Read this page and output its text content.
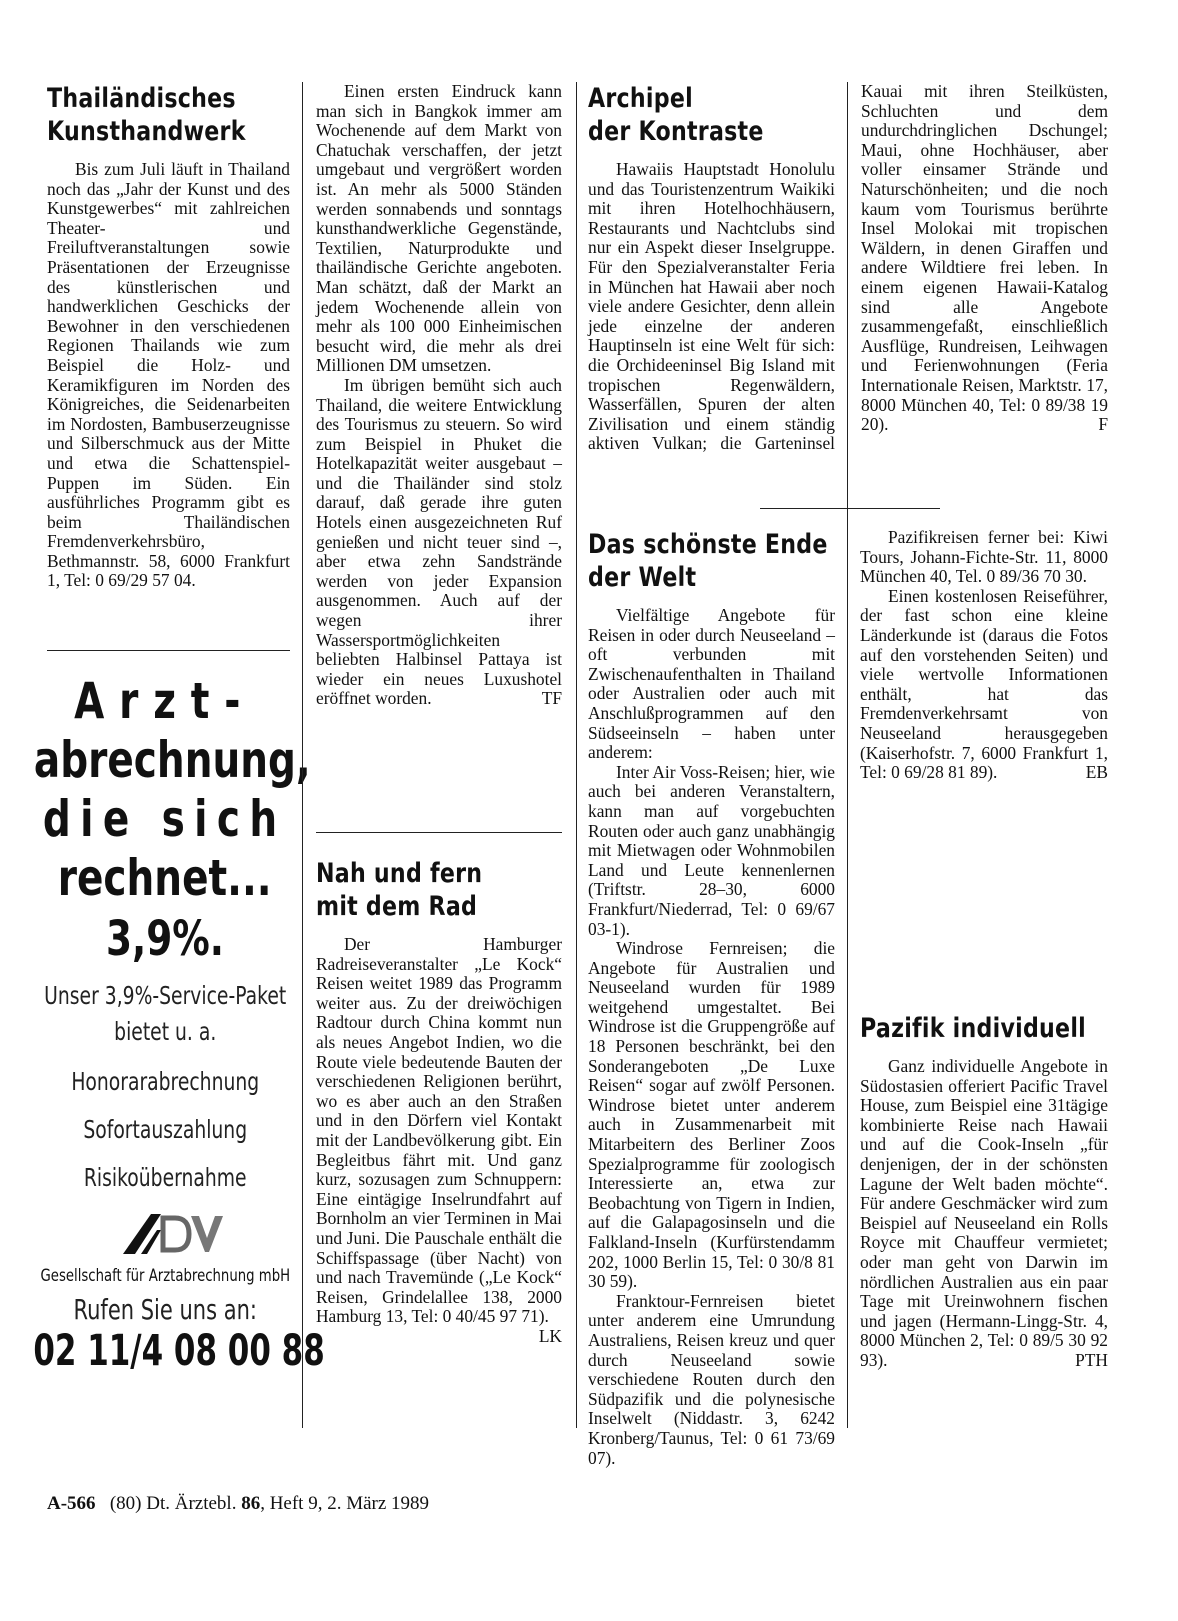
Thailändisches
Kunsthandwerk

Bis zum Juli läuft in Thailand noch das „Jahr der Kunst und des Kunstgewerbes“ mit zahlreichen Theater- und Freiluftveranstaltungen sowie Präsentationen der Erzeugnisse des künstlerischen und handwerklichen Geschicks der Bewohner in den verschiedenen Regionen Thailands wie zum Beispiel die Holz- und Keramikfiguren im Norden des Königreiches, die Seidenarbeiten im Nordosten, Bambuserzeugnisse und Silberschmuck aus der Mitte und etwa die Schattenspiel-Puppen im Süden. Ein ausführliches Programm gibt es beim Thailändischen Fremdenverkehrsbüro, Bethmannstr. 58, 6000 Frankfurt 1, Tel: 0 69/29 57 04.

Arzt-
abrechnung,
die sich
rechnet...
3,9%.
Unser 3,9%-Service-Paket
bietet u. a.
Honorarabrechnung
Sofortauszahlung
Risikoübernahme
Gesellschaft für Arztabrechnung mbH
Rufen Sie uns an:
02 11/4 08 00 88

Einen ersten Eindruck kann man sich in Bangkok immer am Wochenende auf dem Markt von Chatuchak verschaffen, der jetzt umgebaut und vergrößert worden ist. An mehr als 5000 Ständen werden sonnabends und sonntags kunsthandwerkliche Gegenstände, Textilien, Naturprodukte und thailändische Gerichte angeboten. Man schätzt, daß der Markt an jedem Wochenende allein von mehr als 100 000 Einheimischen besucht wird, die mehr als drei Millionen DM umsetzen.

Im übrigen bemüht sich auch Thailand, die weitere Entwicklung des Tourismus zu steuern. So wird zum Beispiel in Phuket die Hotelkapazität weiter ausgebaut – und die Thailänder sind stolz darauf, daß gerade ihre guten Hotels einen ausgezeichneten Ruf genießen und nicht teuer sind –, aber etwa zehn Sandstrände werden von jeder Expansion ausgenommen. Auch auf der wegen ihrer Wassersportmöglichkeiten beliebten Halbinsel Pattaya ist wieder ein neues Luxushotel eröffnet worden.	TF

Nah und fern
mit dem Rad

Der Hamburger Radreiseveranstalter „Le Kock“ Reisen weitet 1989 das Programm weiter aus. Zu der dreiwöchigen Radtour durch China kommt nun als neues Angebot Indien, wo die Route viele bedeutende Bauten der verschiedenen Religionen berührt, wo es aber auch an den Straßen und in den Dörfern viel Kontakt mit der Landbevölkerung gibt. Ein Begleitbus fährt mit. Und ganz kurz, sozusagen zum Schnuppern: Eine eintägige Inselrundfahrt auf Bornholm an vier Terminen in Mai und Juni. Die Pauschale enthält die Schiffspassage (über Nacht) von und nach Travemünde („Le Kock“ Reisen, Grindelallee 138, 2000 Hamburg 13, Tel: 0 40/45 97 71).
LK

Archipel
der Kontraste

Hawaiis Hauptstadt Honolulu und das Touristenzentrum Waikiki mit ihren Hotelhochhäusern, Restaurants und Nachtclubs sind nur ein Aspekt dieser Inselgruppe. Für den Spezialveranstalter Feria in München hat Hawaii aber noch viele andere Gesichter, denn allein jede einzelne der anderen Hauptinseln ist eine Welt für sich: die Orchideeninsel Big Island mit tropischen Regenwäldern, Wasserfällen, Spuren der alten Zivilisation und einem ständig aktiven Vulkan; die Garteninsel Kauai mit ihren Steilküsten, Schluchten und dem undurchdringlichen Dschungel; Maui, ohne Hochhäuser, aber voller einsamer Strände und Naturschönheiten; und die noch kaum vom Tourismus berührte Insel Molokai mit tropischen Wäldern, in denen Giraffen und andere Wildtiere frei leben. In einem eigenen Hawaii-Katalog sind alle Angebote zusammengefaßt, einschließlich Ausflüge, Rundreisen, Leihwagen und Ferienwohnungen (Feria Internationale Reisen, Marktstr. 17, 8000 München 40, Tel: 0 89/38 19 20).	F

Das schönste Ende
der Welt

Vielfältige Angebote für Reisen in oder durch Neuseeland – oft verbunden mit Zwischenaufenthalten in Thailand oder Australien oder auch mit Anschlußprogrammen auf den Südseeinseln – haben unter anderem:

Inter Air Voss-Reisen; hier, wie auch bei anderen Veranstaltern, kann man auf vorgebuchten Routen oder auch ganz unabhängig mit Mietwagen oder Wohnmobilen Land und Leute kennenlernen (Triftstr. 28–30, 6000 Frankfurt/Niederrad, Tel: 0 69/67 03-1).

Windrose Fernreisen; die Angebote für Australien und Neuseeland wurden für 1989 weitgehend umgestaltet. Bei Windrose ist die Gruppengröße auf 18 Personen beschränkt, bei den Sonderangeboten „De Luxe Reisen“ sogar auf zwölf Personen. Windrose bietet unter anderem auch in Zusammenarbeit mit Mitarbeitern des Berliner Zoos Spezialprogramme für zoologisch Interessierte an, etwa zur Beobachtung von Tigern in Indien, auf die Galapagosinseln und die Falkland-Inseln (Kurfürstendamm 202, 1000 Berlin 15, Tel: 0 30/8 81 30 59).

Franktour-Fernreisen bietet unter anderem eine Umrundung Australiens, Reisen kreuz und quer durch Neuseeland sowie verschiedene Routen durch den Südpazifik und die polynesische Inselwelt (Niddastr. 3, 6242 Kronberg/Taunus, Tel: 0 61 73/69 07).

Pazifikreisen ferner bei: Kiwi Tours, Johann-Fichte-Str. 11, 8000 München 40, Tel. 0 89/36 70 30.

Einen kostenlosen Reiseführer, der fast schon eine kleine Länderkunde ist (daraus die Fotos auf den vorstehenden Seiten) und viele wertvolle Informationen enthält, hat das Fremdenverkehrsamt von Neuseeland herausgegeben (Kaiserhofstr. 7, 6000 Frankfurt 1, Tel: 0 69/28 81 89).	EB

Pazifik individuell

Ganz individuelle Angebote in Südostasien offeriert Pacific Travel House, zum Beispiel eine 31tägige kombinierte Reise nach Hawaii und auf die Cook-Inseln „für denjenigen, der in der schönsten Lagune der Welt baden möchte“. Für andere Geschmäcker wird zum Beispiel auf Neuseeland ein Rolls Royce mit Chauffeur vermietet; oder man geht von Darwin im nördlichen Australien aus ein paar Tage mit Ureinwohnern fischen und jagen (Hermann-Lingg-Str. 4, 8000 München 2, Tel: 0 89/5 30 92 93).	PTH

A-566 (80) Dt. Ärztebl. 86, Heft 9, 2. März 1989
